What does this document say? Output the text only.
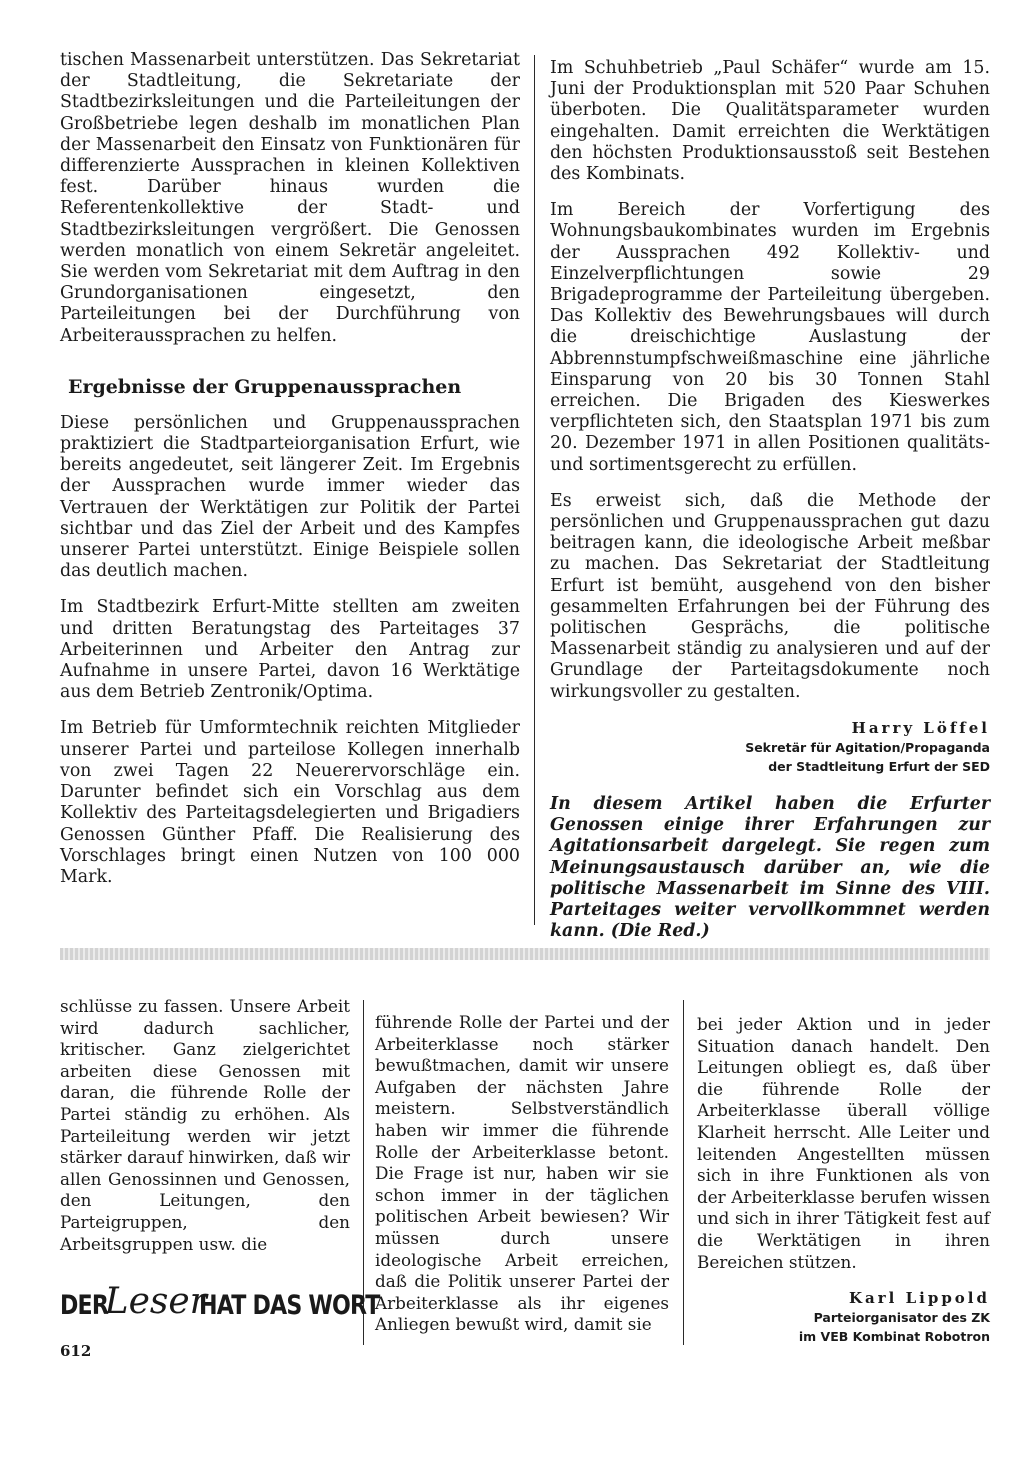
tischen Massenarbeit unterstützen. Das Sekretariat der Stadtleitung, die Sekretariate der Stadtbezirksleitungen und die Parteileitungen der Großbetriebe legen deshalb im monatlichen Plan der Massenarbeit den Einsatz von Funktionären für differenzierte Aussprachen in kleinen Kollektiven fest. Darüber hinaus wurden die Referentenkollektive der Stadt- und Stadtbezirksleitungen vergrößert. Die Genossen werden monatlich von einem Sekretär angeleitet. Sie werden vom Sekretariat mit dem Auftrag in den Grundorganisationen eingesetzt, den Parteileitungen bei der Durchführung von Arbeiteraussprachen zu helfen.

Ergebnisse der Gruppenaussprachen

Diese persönlichen und Gruppenaussprachen praktiziert die Stadtparteiorganisation Erfurt, wie bereits angedeutet, seit längerer Zeit. Im Ergebnis der Aussprachen wurde immer wieder das Vertrauen der Werktätigen zur Politik der Partei sichtbar und das Ziel der Arbeit und des Kampfes unserer Partei unterstützt. Einige Beispiele sollen das deutlich machen.

Im Stadtbezirk Erfurt-Mitte stellten am zweiten und dritten Beratungstag des Parteitages 37 Arbeiterinnen und Arbeiter den Antrag zur Aufnahme in unsere Partei, davon 16 Werktätige aus dem Betrieb Zentronik/Optima.

Im Betrieb für Umformtechnik reichten Mitglieder unserer Partei und parteilose Kollegen innerhalb von zwei Tagen 22 Neuerervorschläge ein. Darunter befindet sich ein Vorschlag aus dem Kollektiv des Parteitagsdelegierten und Brigadiers Genossen Günther Pfaff. Die Realisierung des Vorschlages bringt einen Nutzen von 100 000 Mark.

Im Schuhbetrieb „Paul Schäfer“ wurde am 15. Juni der Produktionsplan mit 520 Paar Schuhen überboten. Die Qualitätsparameter wurden eingehalten. Damit erreichten die Werktätigen den höchsten Produktionsausstoß seit Bestehen des Kombinats.

Im Bereich der Vorfertigung des Wohnungsbaukombinates wurden im Ergebnis der Aussprachen 492 Kollektiv- und Einzelverpflichtungen sowie 29 Brigadeprogramme der Parteileitung übergeben. Das Kollektiv des Bewehrungsbaues will durch die dreischichtige Auslastung der Abbrennstumpfschweißmaschine eine jährliche Einsparung von 20 bis 30 Tonnen Stahl erreichen. Die Brigaden des Kieswerkes verpflichteten sich, den Staatsplan 1971 bis zum 20. Dezember 1971 in allen Positionen qualitäts- und sortimentsgerecht zu erfüllen.

Es erweist sich, daß die Methode der persönlichen und Gruppenaussprachen gut dazu beitragen kann, die ideologische Arbeit meßbar zu machen. Das Sekretariat der Stadtleitung Erfurt ist bemüht, ausgehend von den bisher gesammelten Erfahrungen bei der Führung des politischen Gesprächs, die politische Massenarbeit ständig zu analysieren und auf der Grundlage der Parteitagsdokumente noch wirkungsvoller zu gestalten.

Harry Löffel
Sekretär für Agitation/Propaganda
der Stadtleitung Erfurt der SED

In diesem Artikel haben die Erfurter Genossen einige ihrer Erfahrungen zur Agitationsarbeit dargelegt. Sie regen zum Meinungsaustausch darüber an, wie die politische Massenarbeit im Sinne des VIII. Parteitages weiter vervollkommnet werden kann. (Die Red.)

schlüsse zu fassen. Unsere Arbeit wird dadurch sachlicher, kritischer. Ganz zielgerichtet arbeiten diese Genossen mit daran, die führende Rolle der Partei ständig zu erhöhen. Als Parteileitung werden wir jetzt stärker darauf hinwirken, daß wir allen Genossinnen und Genossen, den Leitungen, den Parteigruppen, den Arbeitsgruppen usw. die

führende Rolle der Partei und der Arbeiterklasse noch stärker bewußtmachen, damit wir unsere Aufgaben der nächsten Jahre meistern. Selbstverständlich haben wir immer die führende Rolle der Arbeiterklasse betont. Die Frage ist nur, haben wir sie schon immer in der täglichen politischen Arbeit bewiesen? Wir müssen durch unsere ideologische Arbeit erreichen, daß die Politik unserer Partei der Arbeiterklasse als ihr eigenes Anliegen bewußt wird, damit sie

bei jeder Aktion und in jeder Situation danach handelt. Den Leitungen obliegt es, daß über die führende Rolle der Arbeiterklasse überall völlige Klarheit herrscht. Alle Leiter und leitenden Angestellten müssen sich in ihre Funktionen als von der Arbeiterklasse berufen wissen und sich in ihrer Tätigkeit fest auf die Werktätigen in ihren Bereichen stützen.

Karl Lippold
Parteiorganisator des ZK
im VEB Kombinat Robotron
DER
Leser
HAT DAS WORT
612
